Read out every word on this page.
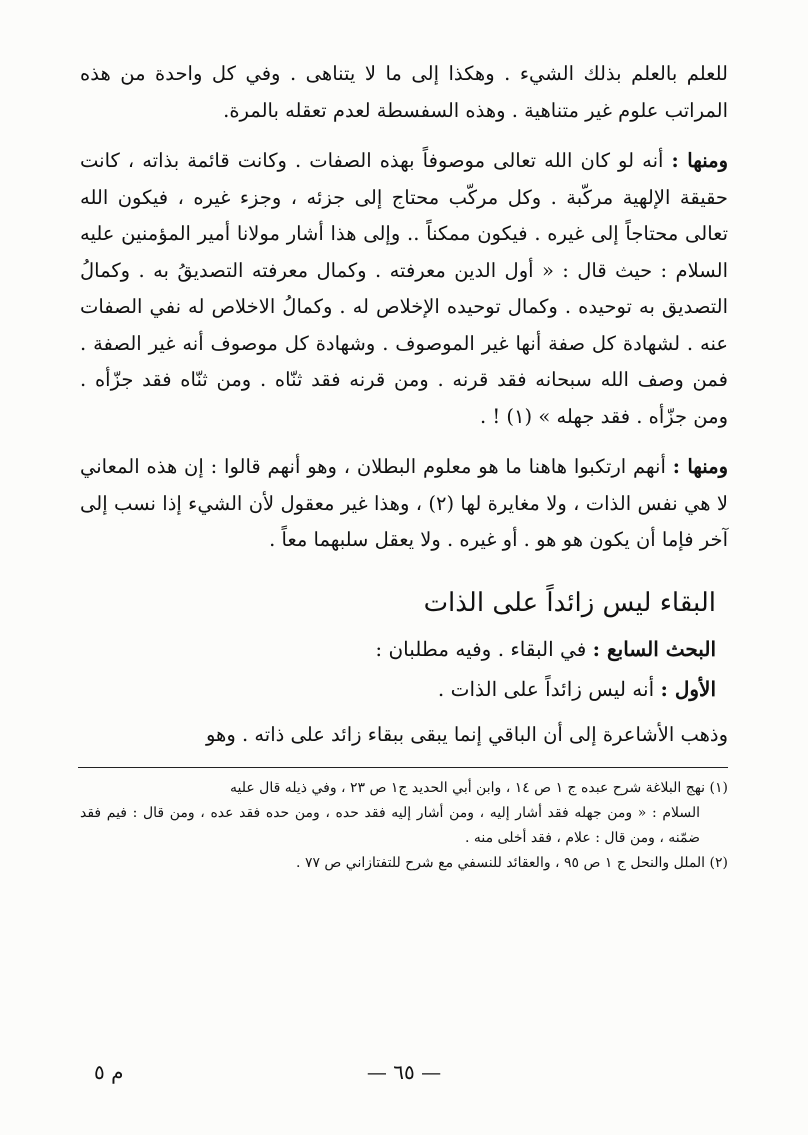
للعلم بالعلم بذلك الشيء . وهكذا إلى ما لا يتناهى . وفي كل واحدة من هذه المراتب علوم غير متناهية . وهذه السفسطة لعدم تعقله بالمرة.

ومنها : أنه لو كان الله تعالى موصوفاً بهذه الصفات . وكانت قائمة بذاته ، كانت حقيقة الإلهية مركّبة . وكل مركّب محتاج إلى جزئه ، وجزء غيره ، فيكون الله تعالى محتاجاً إلى غيره . فيكون ممكناً .. وإلى هذا أشار مولانا أمير المؤمنين عليه السلام : حيث قال : « أول الدين معرفته . وكمال معرفته التصديقُ به . وكمالُ التصديق به توحيده . وكمال توحيده الإخلاص له . وكمالُ الاخلاص له نفي الصفات عنه . لشهادة كل صفة أنها غير الموصوف . وشهادة كل موصوف أنه غير الصفة . فمن وصف الله سبحانه فقد قرنه . ومن قرنه فقد ثنّاه . ومن ثنّاه فقد جزّأه . ومن جزّأه . فقد جهله » (١) ! .

ومنها : أنهم ارتكبوا هاهنا ما هو معلوم البطلان ، وهو أنهم قالوا : إن هذه المعاني لا هي نفس الذات ، ولا مغايرة لها (٢) ، وهذا غير معقول لأن الشيء إذا نسب إلى آخر فإما أن يكون هو هو . أو غيره . ولا يعقل سلبهما معاً .

البقاء ليس زائداً على الذات
البحث السابع : في البقاء . وفيه مطلبان :
الأول : أنه ليس زائداً على الذات .

وذهب الأشاعرة إلى أن الباقي إنما يبقى ببقاء زائد على ذاته . وهو

(١) نهج البلاغة شرح عبده ج ١ ص ١٤ ، وابن أبي الحديد ج١ ص ٢٣ ، وفي ذيله قال عليه

السلام : « ومن جهله فقد أشار إليه ، ومن أشار إليه فقد حده ، ومن حده فقد عده ، ومن قال : فيم فقد ضمّنه ، ومن قال : علام ، فقد أخلى منه .

(٢) الملل والنحل ج ١ ص ٩٥ ، والعقائد للنسفي مع شرح للتفتازاني ص ٧٧ .

— ٦٥ —
م ٥
